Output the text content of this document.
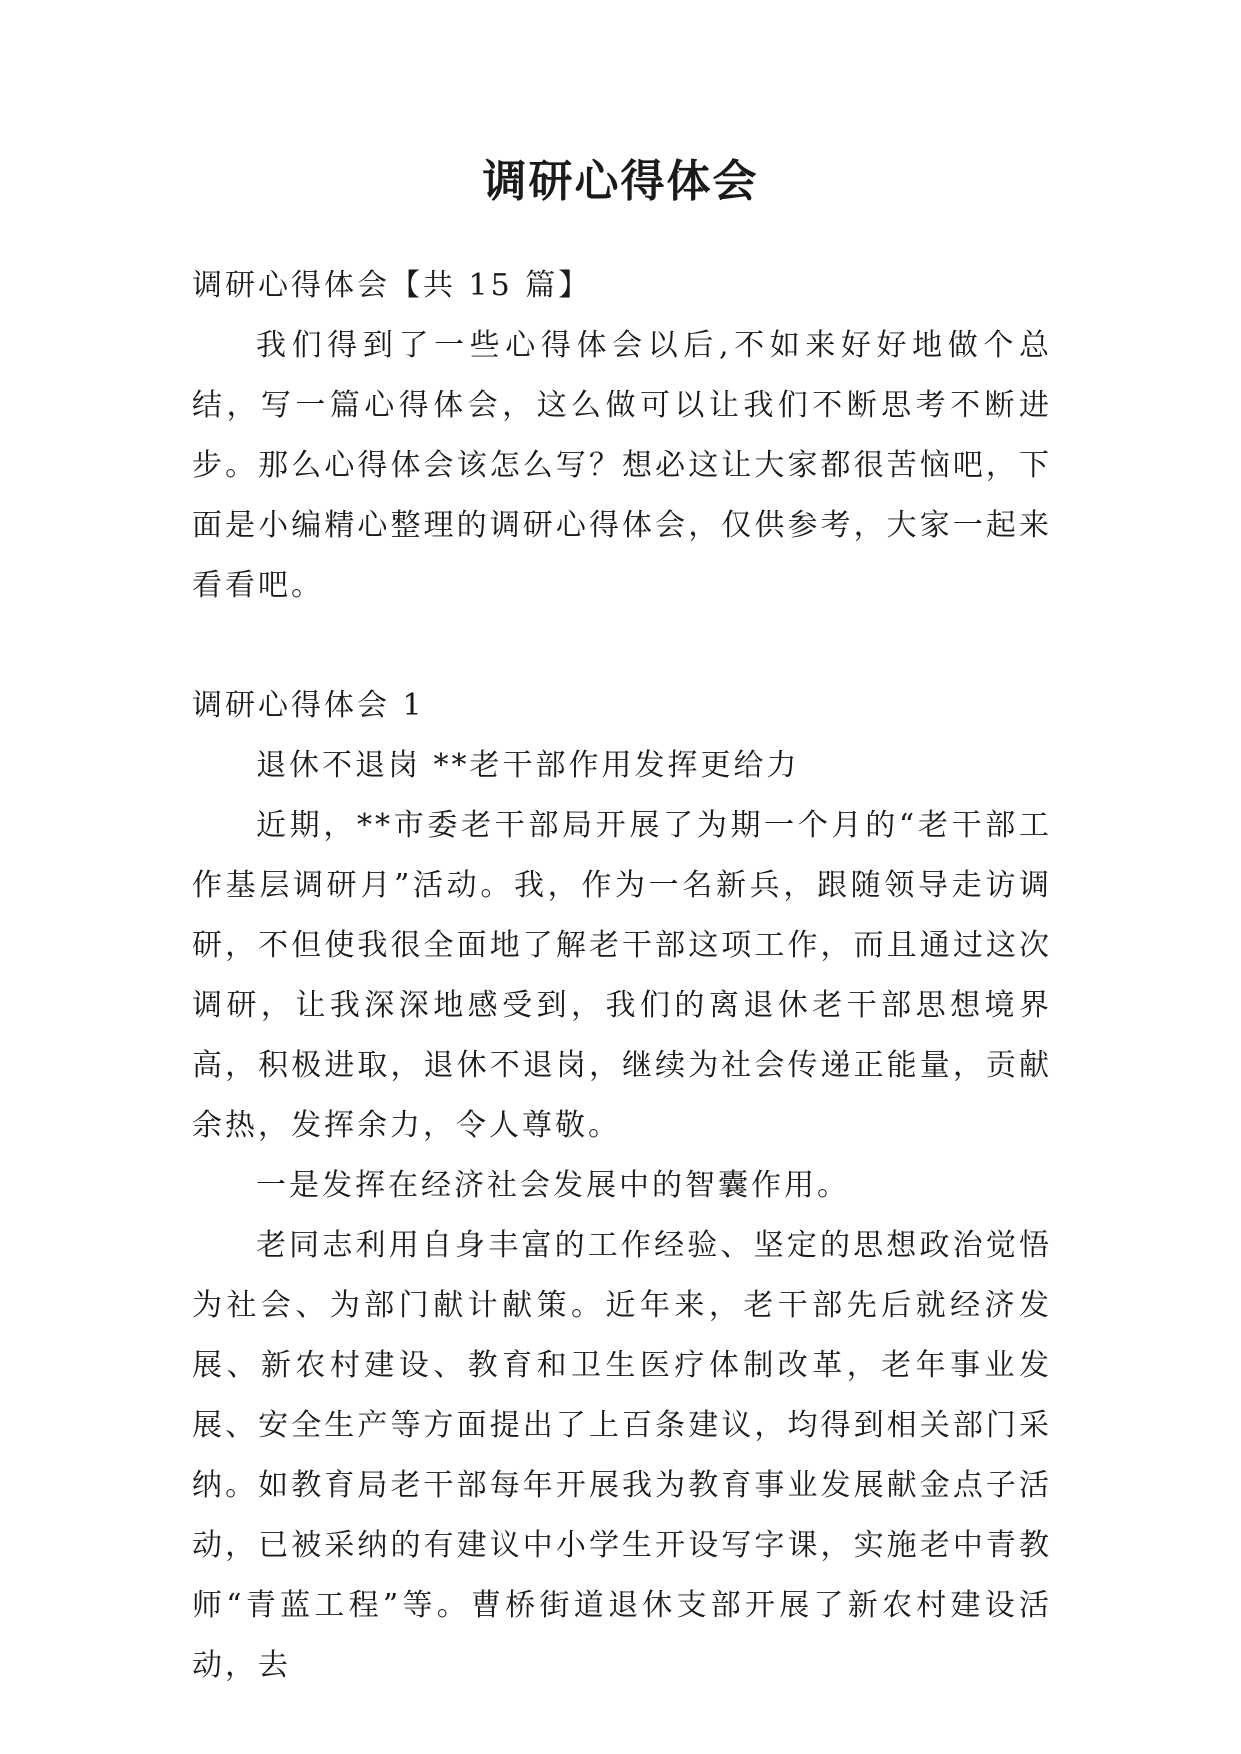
调研心得体会

调研心得体会【共 15 篇】

我们得到了一些心得体会以后,不如来好好地做个总结，写一篇心得体会，这么做可以让我们不断思考不断进步。那么心得体会该怎么写？想必这让大家都很苦恼吧，下面是小编精心整理的调研心得体会，仅供参考，大家一起来看看吧。

调研心得体会 1

退休不退岗 **老干部作用发挥更给力

近期，**市委老干部局开展了为期一个月的“老干部工作基层调研月”活动。我，作为一名新兵，跟随领导走访调研，不但使我很全面地了解老干部这项工作，而且通过这次调研，让我深深地感受到，我们的离退休老干部思想境界高，积极进取，退休不退岗，继续为社会传递正能量，贡献余热，发挥余力，令人尊敬。

一是发挥在经济社会发展中的智囊作用。

老同志利用自身丰富的工作经验、坚定的思想政治觉悟为社会、为部门献计献策。近年来，老干部先后就经济发展、新农村建设、教育和卫生医疗体制改革，老年事业发展、安全生产等方面提出了上百条建议，均得到相关部门采纳。如教育局老干部每年开展我为教育事业发展献金点子活动，已被采纳的有建议中小学生开设写字课，实施老中青教师“青蓝工程”等。曹桥街道退休支部开展了新农村建设活动，去
